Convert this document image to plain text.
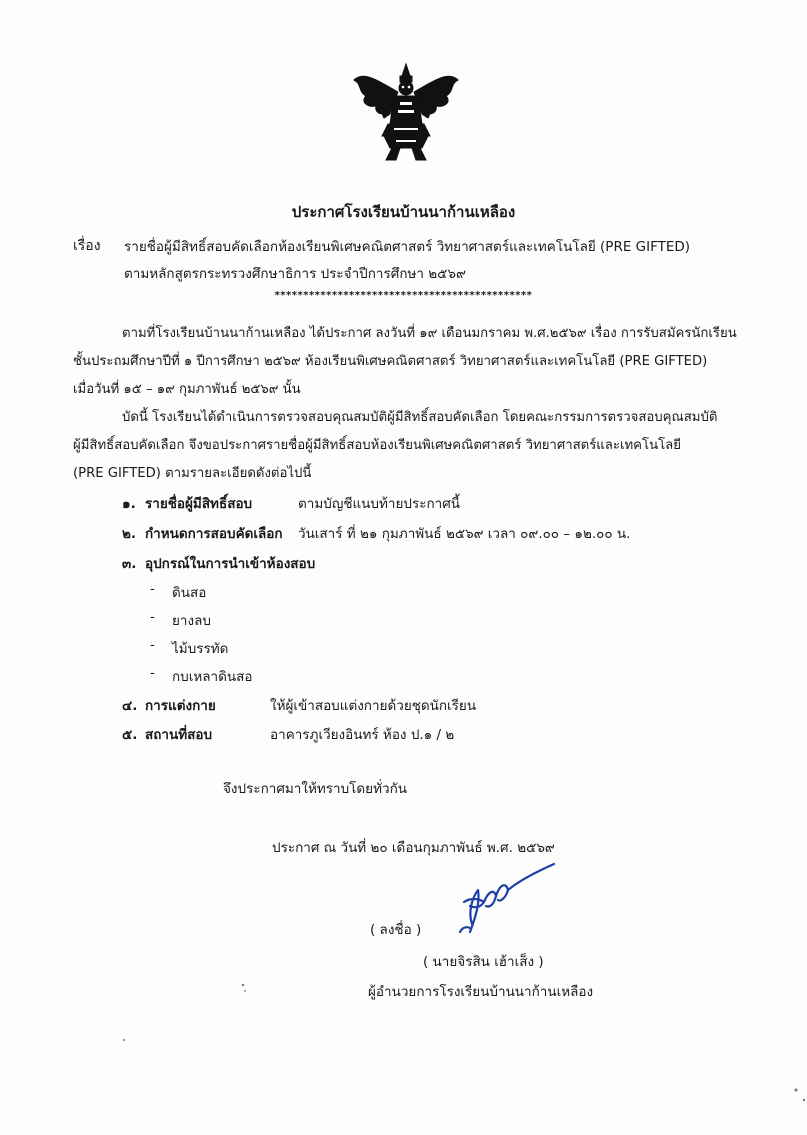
ประกาศโรงเรียนบ้านนาก้านเหลือง
เรื่อง รายชื่อผู้มีสิทธิ์สอบคัดเลือกห้องเรียนพิเศษคณิตศาสตร์ วิทยาศาสตร์และเทคโนโลยี (PRE GIFTED)
ตามหลักสูตรกระทรวงศึกษาธิการ ประจำปีการศึกษา ๒๕๖๙
*********************************************
ตามที่โรงเรียนบ้านนาก้านเหลือง ได้ประกาศ ลงวันที่ ๑๙ เดือนมกราคม พ.ศ.๒๕๖๙ เรื่อง การรับสมัครนักเรียน
ชั้นประถมศึกษาปีที่ ๑ ปีการศึกษา ๒๕๖๙ ห้องเรียนพิเศษคณิตศาสตร์ วิทยาศาสตร์และเทคโนโลยี (PRE GIFTED)
เมื่อวันที่ ๑๕ – ๑๙ กุมภาพันธ์ ๒๕๖๙ นั้น
บัดนี้ โรงเรียนได้ดำเนินการตรวจสอบคุณสมบัติผู้มีสิทธิ์สอบคัดเลือก โดยคณะกรรมการตรวจสอบคุณสมบัติ
ผู้มีสิทธิ์สอบคัดเลือก จึงขอประกาศรายชื่อผู้มีสิทธิ์สอบห้องเรียนพิเศษคณิตศาสตร์ วิทยาศาสตร์และเทคโนโลยี
(PRE GIFTED) ตามรายละเอียดดังต่อไปนี้
๑. รายชื่อผู้มีสิทธิ์สอบ	ตามบัญชีแนบท้ายประกาศนี้
๒. กำหนดการสอบคัดเลือก วันเสาร์ ที่ ๒๑ กุมภาพันธ์ ๒๕๖๙ เวลา ๐๙.๐๐ – ๑๒.๐๐ น.
๓. อุปกรณ์ในการนำเข้าห้องสอบ
- ดินสอ
- ยางลบ
- ไม้บรรทัด
- กบเหลาดินสอ
๔. การแต่งกาย	ให้ผู้เข้าสอบแต่งกายด้วยชุดนักเรียน
๕. สถานที่สอบ	อาคารภูเวียงอินทร์ ห้อง ป.๑ / ๒
จึงประกาศมาให้ทราบโดยทั่วกัน
ประกาศ ณ วันที่ ๒๐ เดือนกุมภาพันธ์ พ.ศ. ๒๕๖๙
( ลงชื่อ )
( นายจิรสิน เฮ้าเส็ง )
ผู้อำนวยการโรงเรียนบ้านนาก้านเหลือง
